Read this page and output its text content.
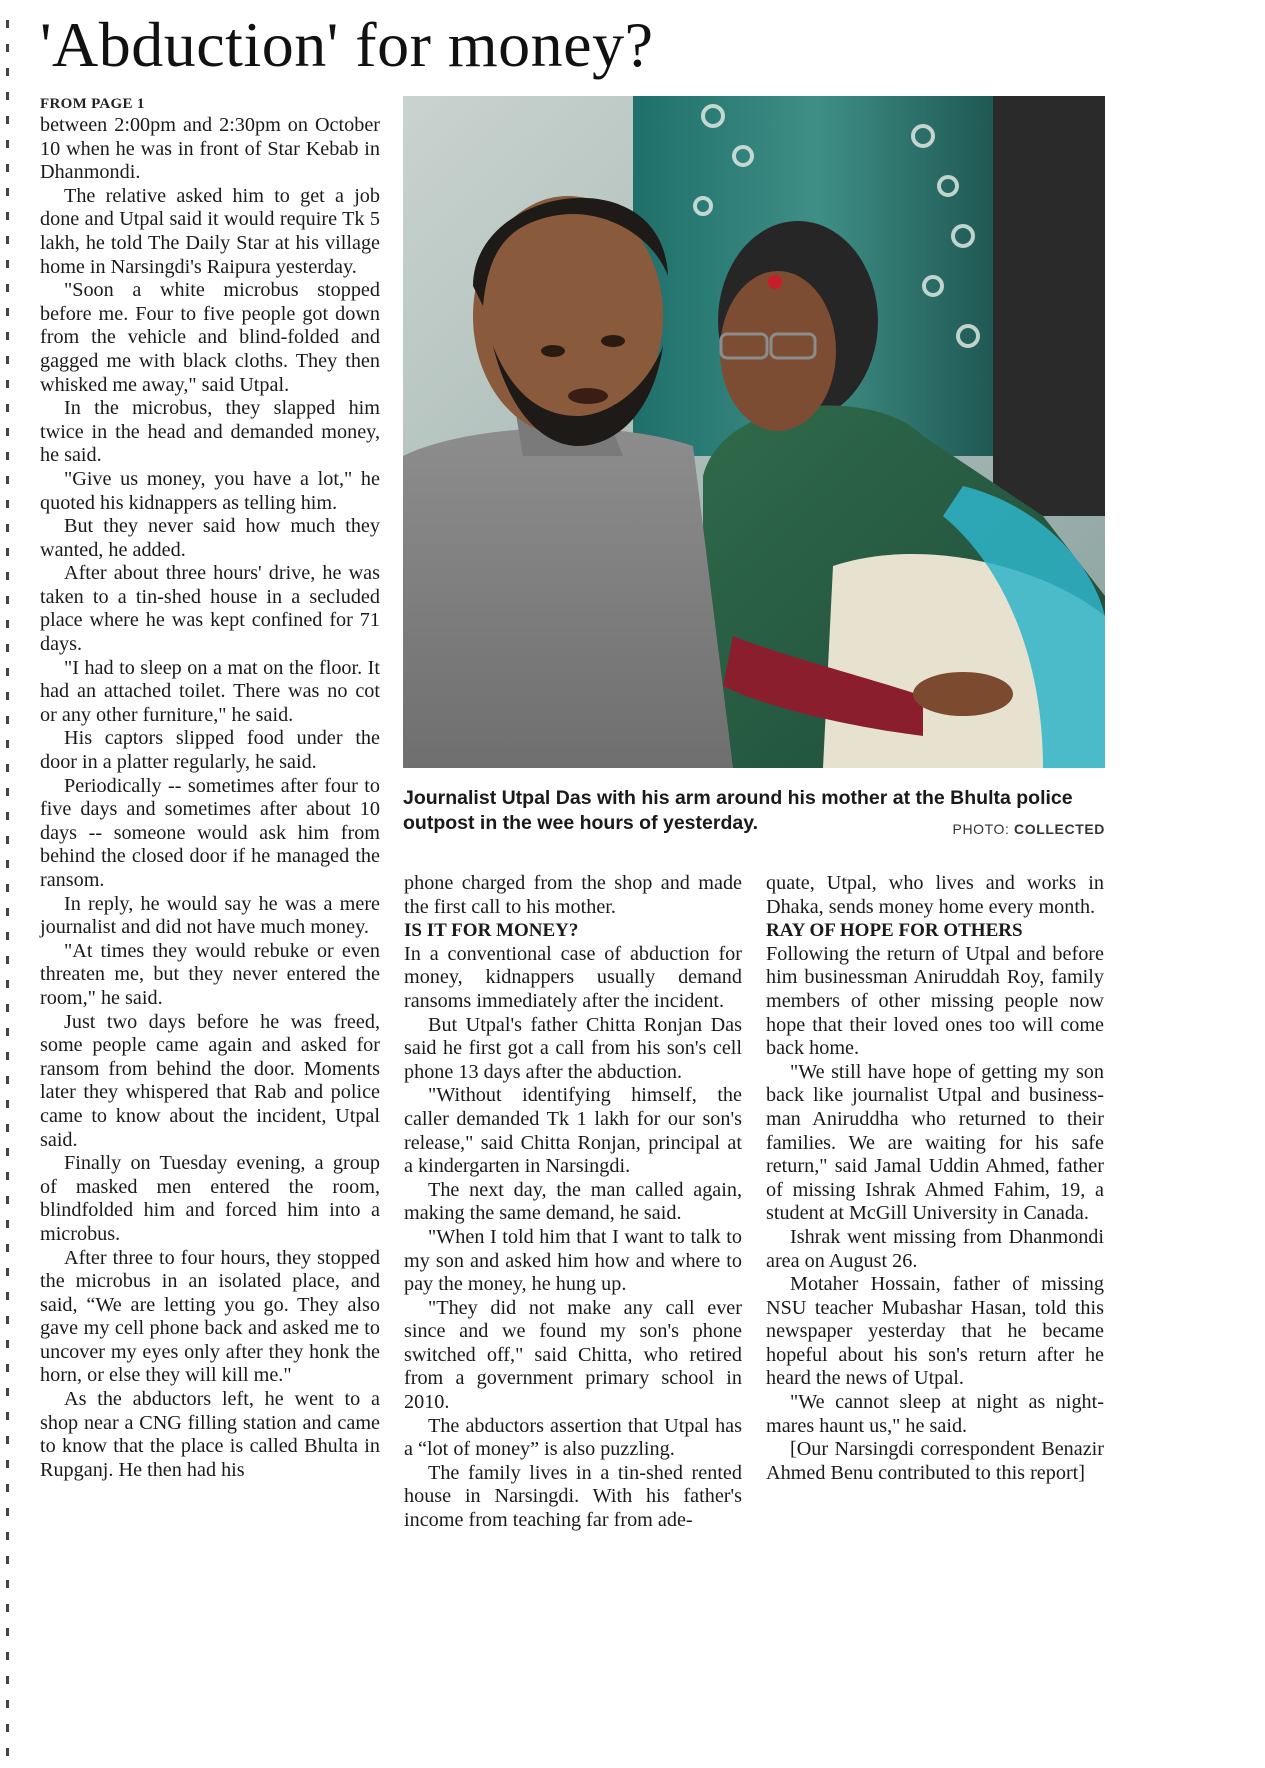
'Abduction' for money?

FROM PAGE 1

between 2:00pm and 2:30pm on October 10 when he was in front of Star Kebab in Dhanmondi.

The relative asked him to get a job done and Utpal said it would require Tk 5 lakh, he told The Daily Star at his village home in Narsingdi's Raipura yesterday.

"Soon a white microbus stopped before me. Four to five people got down from the vehicle and blind-folded and gagged me with black cloths. They then whisked me away," said Utpal.

In the microbus, they slapped him twice in the head and demanded money, he said.

"Give us money, you have a lot," he quoted his kidnappers as telling him.

But they never said how much they wanted, he added.

After about three hours' drive, he was taken to a tin-shed house in a secluded place where he was kept confined for 71 days.

"I had to sleep on a mat on the floor. It had an attached toilet. There was no cot or any other furniture," he said.

His captors slipped food under the door in a platter regularly, he said.

Periodically -- sometimes after four to five days and sometimes after about 10 days -- someone would ask him from behind the closed door if he managed the ransom.

In reply, he would say he was a mere journalist and did not have much money.

"At times they would rebuke or even threaten me, but they never entered the room," he said.

Just two days before he was freed, some people came again and asked for ransom from behind the door. Moments later they whispered that Rab and police came to know about the incident, Utpal said.

Finally on Tuesday evening, a group of masked men entered the room, blindfolded him and forced him into a microbus.

After three to four hours, they stopped the microbus in an isolated place, and said, “We are letting you go. They also gave my cell phone back and asked me to uncover my eyes only after they honk the horn, or else they will kill me."

As the abductors left, he went to a shop near a CNG filling station and came to know that the place is called Bhulta in Rupganj. He then had his

Journalist Utpal Das with his arm around his mother at the Bhulta police outpost in the wee hours of yesterday.	PHOTO: COLLECTED

phone charged from the shop and made the first call to his mother.

IS IT FOR MONEY?

In a conventional case of abduction for money, kidnappers usually demand ransoms immediately after the incident.

But Utpal's father Chitta Ronjan Das said he first got a call from his son's cell phone 13 days after the abduction.

"Without identifying himself, the caller demanded Tk 1 lakh for our son's release," said Chitta Ronjan, principal at a kindergarten in Narsingdi.

The next day, the man called again, making the same demand, he said.

"When I told him that I want to talk to my son and asked him how and where to pay the money, he hung up.

"They did not make any call ever since and we found my son's phone switched off," said Chitta, who retired from a government primary school in 2010.

The abductors assertion that Utpal has a “lot of money” is also puzzling.

The family lives in a tin-shed rented house in Narsingdi. With his father's income from teaching far from ade-

quate, Utpal, who lives and works in Dhaka, sends money home every month.

RAY OF HOPE FOR OTHERS

Following the return of Utpal and before him businessman Aniruddah Roy, family members of other missing people now hope that their loved ones too will come back home.

"We still have hope of getting my son back like journalist Utpal and business-man Aniruddha who returned to their families. We are waiting for his safe return," said Jamal Uddin Ahmed, father of missing Ishrak Ahmed Fahim, 19, a student at McGill University in Canada.

Ishrak went missing from Dhanmondi area on August 26.

Motaher Hossain, father of missing NSU teacher Mubashar Hasan, told this newspaper yesterday that he became hopeful about his son's return after he heard the news of Utpal.

"We cannot sleep at night as night-mares haunt us," he said.

[Our Narsingdi correspondent Benazir Ahmed Benu contributed to this report]
